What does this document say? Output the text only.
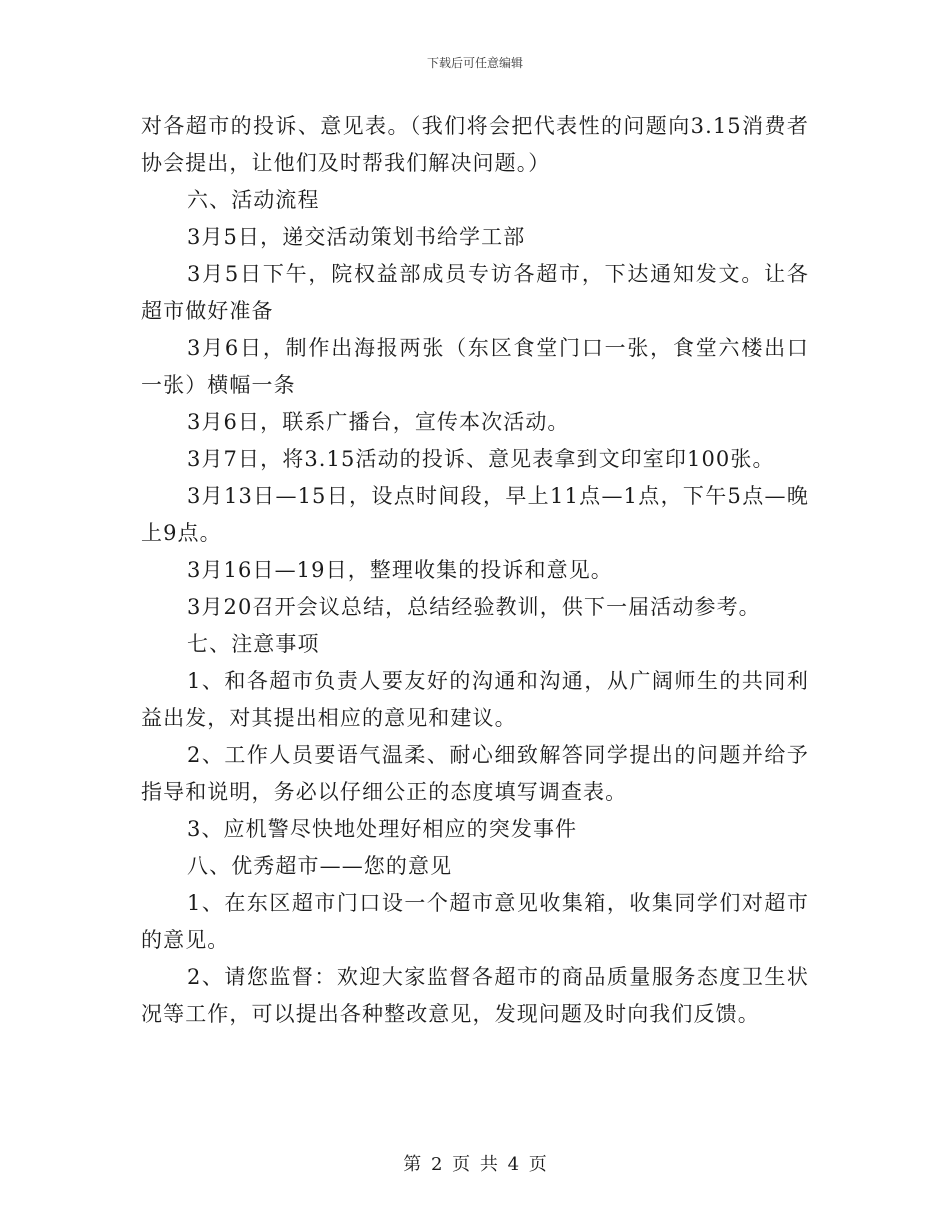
下载后可任意编辑

对各超市的投诉、意见表。（我们将会把代表性的问题向3.15消费者协会提出，让他们及时帮我们解决问题。）

六、活动流程

3月5日，递交活动策划书给学工部

3月5日下午，院权益部成员专访各超市，下达通知发文。让各超市做好准备

3月6日，制作出海报两张（东区食堂门口一张，食堂六楼出口一张）横幅一条

3月6日，联系广播台，宣传本次活动。

3月7日，将3.15活动的投诉、意见表拿到文印室印100张。

3月13日—15日，设点时间段，早上11点—1点，下午5点—晚上9点。

3月16日—19日，整理收集的投诉和意见。

3月20召开会议总结，总结经验教训，供下一届活动参考。

七、注意事项

1、和各超市负责人要友好的沟通和沟通，从广阔师生的共同利益出发，对其提出相应的意见和建议。

2、工作人员要语气温柔、耐心细致解答同学提出的问题并给予指导和说明，务必以仔细公正的态度填写调查表。

3、应机警尽快地处理好相应的突发事件

八、优秀超市——您的意见

1、在东区超市门口设一个超市意见收集箱，收集同学们对超市的意见。

2、请您监督：欢迎大家监督各超市的商品质量服务态度卫生状况等工作，可以提出各种整改意见，发现问题及时向我们反馈。

第 2 页 共 4 页
